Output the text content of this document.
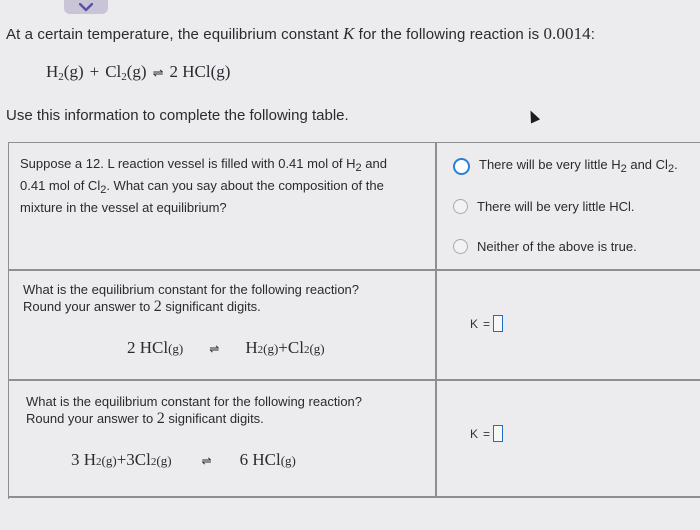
At a certain temperature, the equilibrium constant K for the following reaction is 0.0014:
$H_2(g) + Cl_2(g)$ ⇌ 2 HCl(g)
Use this information to complete the following table.
Suppose a 12. L reaction vessel is filled with 0.41 mol of $H_2$ and
0.41 mol of $Cl_2$. What can you say about the composition of the
mixture in the vessel at equilibrium?
There will be very little $H_2$ and $Cl_2$.
There will be very little HCl.
Neither of the above is true.
What is the equilibrium constant for the following reaction?
Round your answer to 2 significant digits.
2 HCl (g) ⇌ H 2 (g) + Cl 2 (g)
K =
What is the equilibrium constant for the following reaction?
Round your answer to 2 significant digits.
3 H 2 (g) + 3Cl 2 (g)	⇌ 6 HCl (g)
K =
